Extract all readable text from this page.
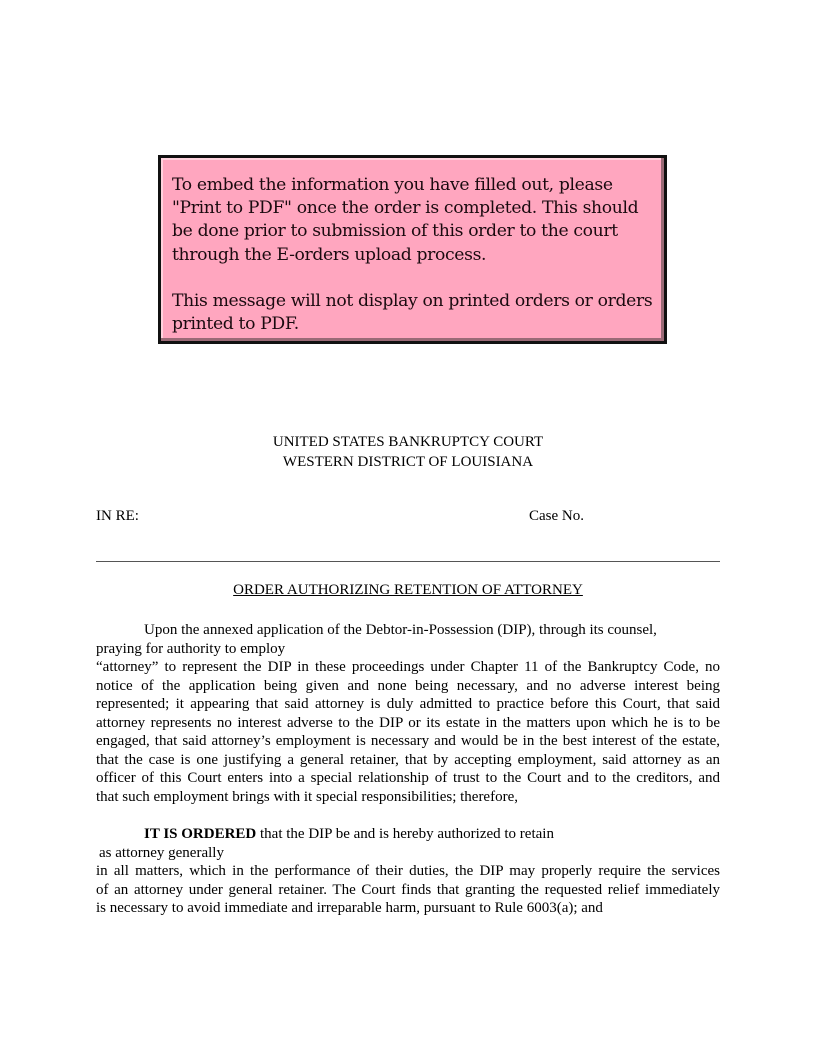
To embed the information you have filled out, please "Print to PDF" once the order is completed. This should be done prior to submission of this order to the court through the E-orders upload process.

This message will not display on printed orders or orders printed to PDF.

UNITED STATES BANKRUPTCY COURT
WESTERN DISTRICT OF LOUISIANA
IN RE:	Case No.
ORDER AUTHORIZING RETENTION OF ATTORNEY
Upon the annexed application of the Debtor-in-Possession (DIP), through its counsel,
praying for authority to employ
“attorney” to represent the DIP in these proceedings under Chapter 11 of the Bankruptcy Code, no
notice of the application being given and none being necessary, and no adverse interest being
represented; it appearing that said attorney is duly admitted to practice before this Court, that said
attorney represents no interest adverse to the DIP or its estate in the matters upon which he is to be
engaged, that said attorney’s employment is necessary and would be in the best interest of the estate,
that the case is one justifying a general retainer, that by accepting employment, said attorney as an
officer of this Court enters into a special relationship of trust to the Court and to the creditors, and
that such employment brings with it special responsibilities; therefore,
IT IS ORDERED that the DIP be and is hereby authorized to retain
as attorney generally
in all matters, which in the performance of their duties, the DIP may properly require the services
of an attorney under general retainer. The Court finds that granting the requested relief immediately
is necessary to avoid immediate and irreparable harm, pursuant to Rule 6003(a); and
